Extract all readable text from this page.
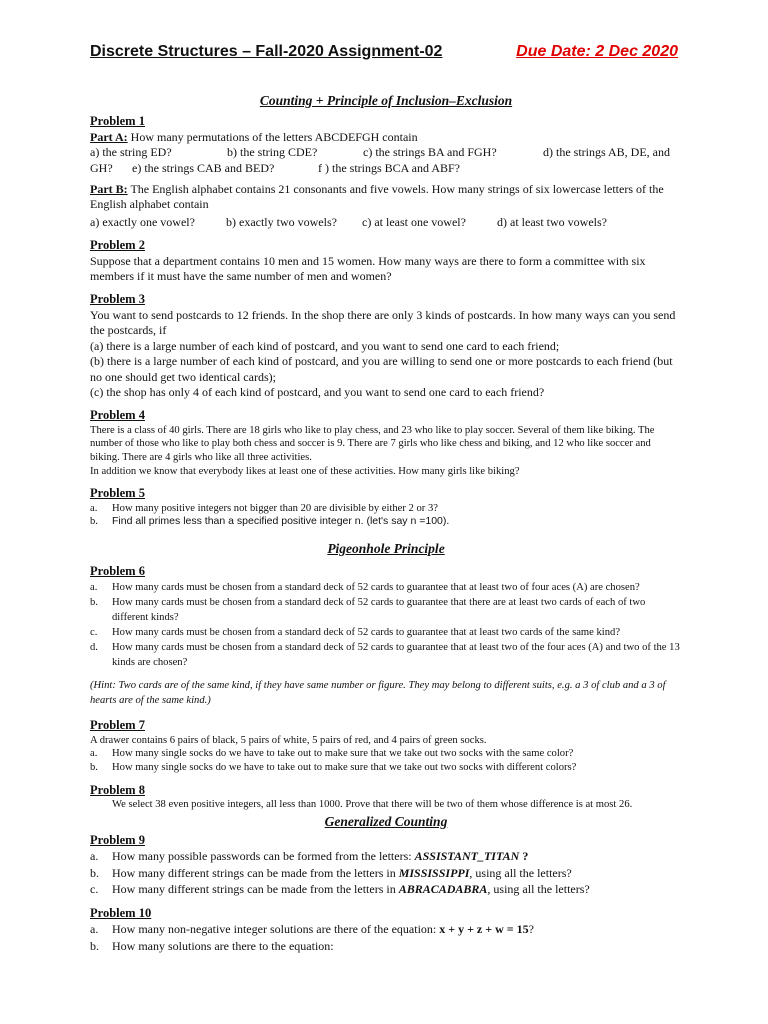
Discrete Structures – Fall-2020 Assignment-02	Due Date: 2 Dec 2020

Counting + Principle of Inclusion–Exclusion

Problem 1

Part A: How many permutations of the letters ABCDEFGH contain

a) the string ED?	b) the string CDE?	c) the strings BA and FGH?	d) the strings AB, DE, and
GH?	e) the strings CAB and BED?	f ) the strings BCA and ABF?

Part B: The English alphabet contains 21 consonants and five vowels. How many strings of six lowercase letters of the English alphabet contain

a) exactly one vowel?	b) exactly two vowels?	c) at least one vowel?	d) at least two vowels?

Problem 2

Suppose that a department contains 10 men and 15 women. How many ways are there to form a committee with six members if it must have the same number of men and women?

Problem 3

You want to send postcards to 12 friends. In the shop there are only 3 kinds of postcards. In how many ways can you send the postcards, if

(a) there is a large number of each kind of postcard, and you want to send one card to each friend;

(b) there is a large number of each kind of postcard, and you are willing to send one or more postcards to each friend (but no one should get two identical cards);

(c) the shop has only 4 of each kind of postcard, and you want to send one card to each friend?

Problem 4

There is a class of 40 girls. There are 18 girls who like to play chess, and 23 who like to play soccer. Several of them like biking. The number of those who like to play both chess and soccer is 9. There are 7 girls who like chess and biking, and 12 who like soccer and biking. There are 4 girls who like all three activities.

In addition we know that everybody likes at least one of these activities. How many girls like biking?

Problem 5

a. How many positive integers not bigger than 20 are divisible by either 2 or 3?
b. Find all primes less than a specified positive integer n. (let's say n =100).

Pigeonhole Principle

Problem 6

a. How many cards must be chosen from a standard deck of 52 cards to guarantee that at least two of four aces (A) are chosen?
b. How many cards must be chosen from a standard deck of 52 cards to guarantee that there are at least two cards of each of two different kinds?
c. How many cards must be chosen from a standard deck of 52 cards to guarantee that at least two cards of the same kind?
d. How many cards must be chosen from a standard deck of 52 cards to guarantee that at least two of the four aces (A) and two of the 13 kinds are chosen?

(Hint: Two cards are of the same kind, if they have same number or figure. They may belong to different suits, e.g. a 3 of club and a 3 of hearts are of the same kind.)

Problem 7

A drawer contains 6 pairs of black, 5 pairs of white, 5 pairs of red, and 4 pairs of green socks.

a. How many single socks do we have to take out to make sure that we take out two socks with the same color?
b. How many single socks do we have to take out to make sure that we take out two socks with different colors?

Problem 8

We select 38 even positive integers, all less than 1000. Prove that there will be two of them whose difference is at most 26.

Generalized Counting

Problem 9

a. How many possible passwords can be formed from the letters: ASSISTANT_TITAN ?
b. How many different strings can be made from the letters in MISSISSIPPI, using all the letters?
c. How many different strings can be made from the letters in ABRACADABRA, using all the letters?

Problem 10

a. How many non-negative integer solutions are there of the equation: x + y + z + w = 15?
b. How many solutions are there to the equation:
